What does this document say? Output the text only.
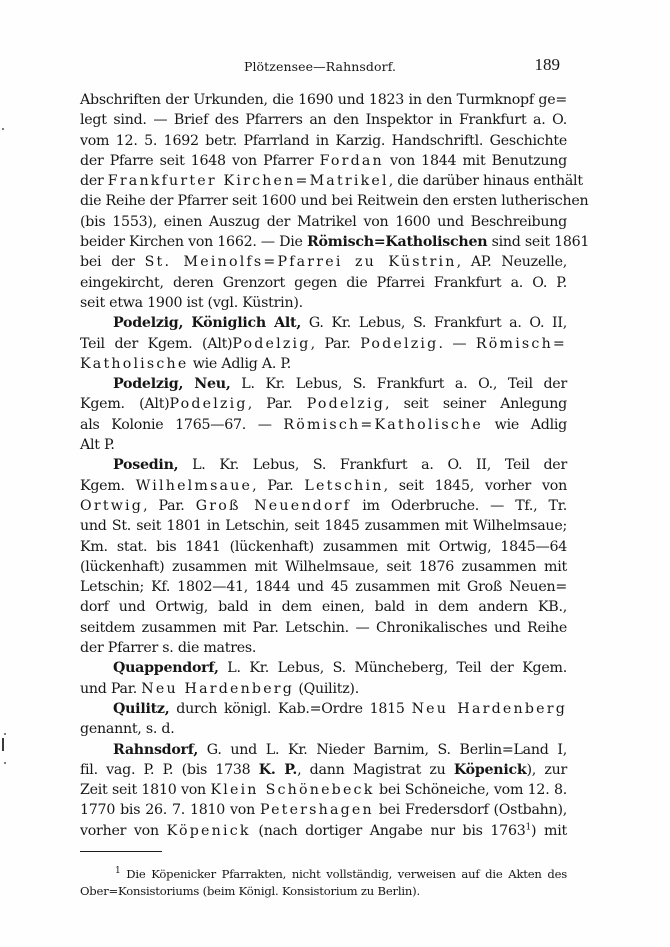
Plötzensee—Rahnsdorf.	189
Abschriften der Urkunden, die 1690 und 1823 in den Turmknopf ge=
legt sind. — Brief des Pfarrers an den Inspektor in Frankfurt a. O.
vom 12. 5. 1692 betr. Pfarrland in Karzig. Handschriftl. Geschichte
der Pfarre seit 1648 von Pfarrer Fordan von 1844 mit Benutzung
der Frankfurter Kirchen=Matrikel, die darüber hinaus enthält
die Reihe der Pfarrer seit 1600 und bei Reitwein den ersten lutherischen
(bis 1553), einen Auszug der Matrikel von 1600 und Beschreibung
beider Kirchen von 1662. — Die Römisch=Katholischen sind seit 1861
bei der St. Meinolfs=Pfarrei zu Küstrin, AP. Neuzelle,
eingekircht, deren Grenzort gegen die Pfarrei Frankfurt a. O. P.
seit etwa 1900 ist (vgl. Küstrin).
Podelzig, Königlich Alt, G. Kr. Lebus, S. Frankfurt a. O. II,
Teil der Kgem. (Alt)Podelzig, Par. Podelzig. — Römisch=
Katholische wie Adlig A. P.
Podelzig, Neu, L. Kr. Lebus, S. Frankfurt a. O., Teil der
Kgem. (Alt)Podelzig, Par. Podelzig, seit seiner Anlegung
als Kolonie 1765—67. — Römisch=Katholische wie Adlig
Alt P.
Posedin, L. Kr. Lebus, S. Frankfurt a. O. II, Teil der
Kgem. Wilhelmsaue, Par. Letschin, seit 1845, vorher von
Ortwig, Par. Groß Neuendorf im Oderbruche. — Tf., Tr.
und St. seit 1801 in Letschin, seit 1845 zusammen mit Wilhelmsaue;
Km. stat. bis 1841 (lückenhaft) zusammen mit Ortwig, 1845—64
(lückenhaft) zusammen mit Wilhelmsaue, seit 1876 zusammen mit
Letschin; Kf. 1802—41, 1844 und 45 zusammen mit Groß Neuen=
dorf und Ortwig, bald in dem einen, bald in dem andern KB.,
seitdem zusammen mit Par. Letschin. — Chronikalisches und Reihe
der Pfarrer s. die matres.
Quappendorf, L. Kr. Lebus, S. Müncheberg, Teil der Kgem.
und Par. Neu Hardenberg (Quilitz).
Quilitz, durch königl. Kab.=Ordre 1815 Neu Hardenberg
genannt, s. d.
Rahnsdorf, G. und L. Kr. Nieder Barnim, S. Berlin=Land I,
fil. vag. P. P. (bis 1738 K. P., dann Magistrat zu Köpenick), zur
Zeit seit 1810 von Klein Schönebeck bei Schöneiche, vom 12. 8.
1770 bis 26. 7. 1810 von Petershagen bei Fredersdorf (Ostbahn),
vorher von Köpenick (nach dortiger Angabe nur bis 1763$^1$) mit
$^1$ Die Köpenicker Pfarrakten, nicht vollständig, verweisen auf die Akten des
Ober=Konsistoriums (beim Königl. Konsistorium zu Berlin).
